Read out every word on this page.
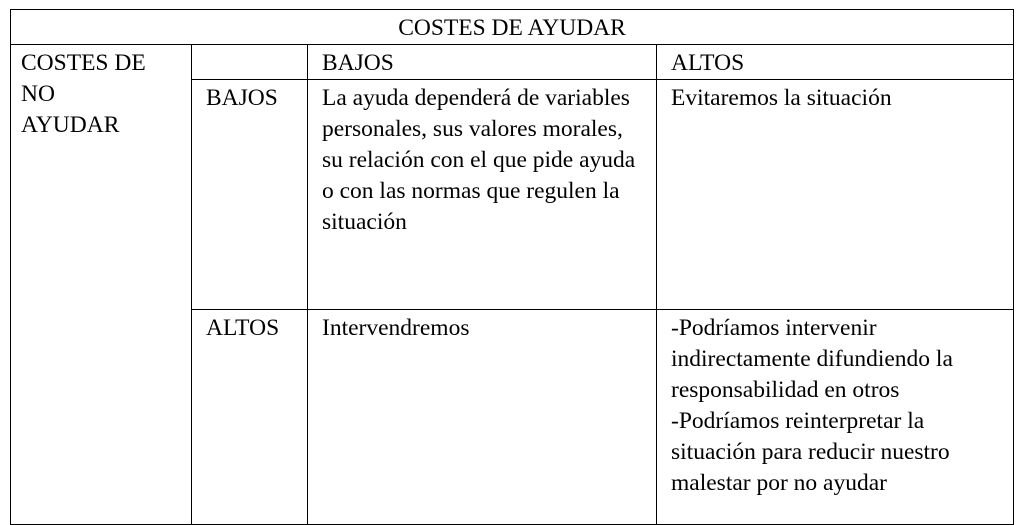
COSTES DE AYUDAR			
COSTES DE
NO
AYUDAR		BAJOS	ALTOS
	BAJOS	La ayuda dependerá de variables personales, sus valores morales, su relación con el que pide ayuda o con las normas que regulen la situación	Evitaremos la situación

	ALTOS	Intervendremos	-Podríamos intervenir indirectamente difundiendo la responsabilidad en otros
-Podríamos reinterpretar la situación para reducir nuestro malestar por no ayudar
